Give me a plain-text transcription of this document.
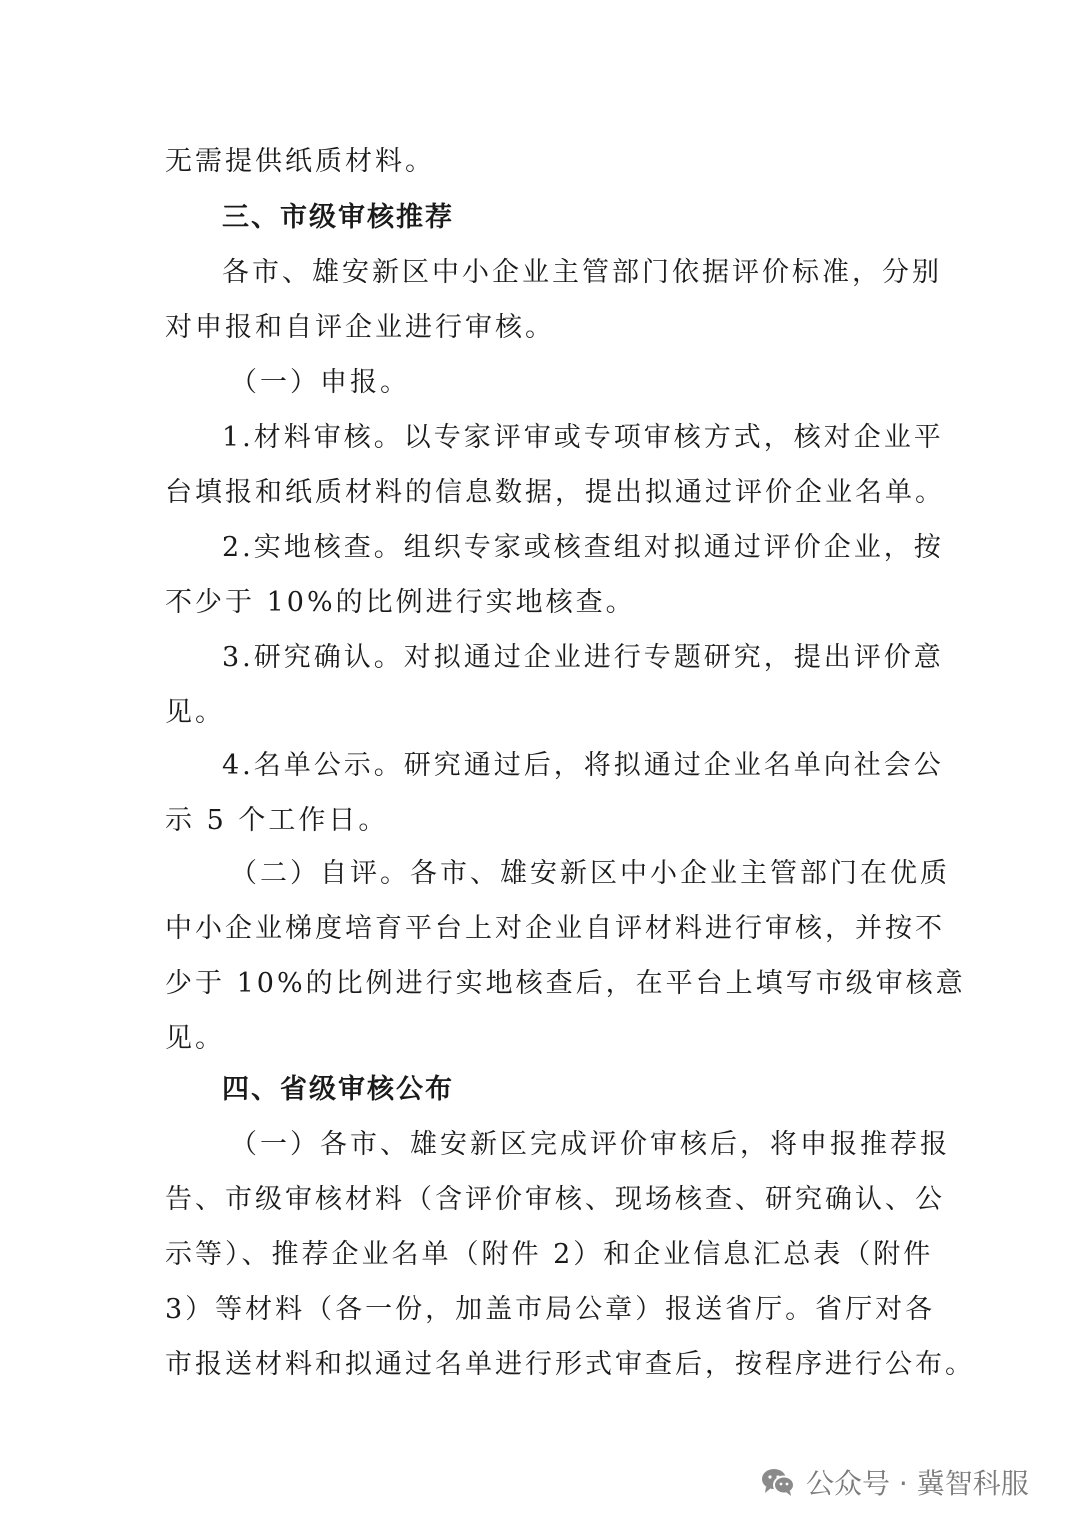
无需提供纸质材料。
三、市级审核推荐
各市、雄安新区中小企业主管部门依据评价标准，分别
对申报和自评企业进行审核。
（一）申报。
1.材料审核。以专家评审或专项审核方式，核对企业平
台填报和纸质材料的信息数据，提出拟通过评价企业名单。
2.实地核查。组织专家或核查组对拟通过评价企业，按
不少于 10%的比例进行实地核查。
3.研究确认。对拟通过企业进行专题研究，提出评价意
见。
4.名单公示。研究通过后，将拟通过企业名单向社会公
示 5 个工作日。
（二）自评。各市、雄安新区中小企业主管部门在优质
中小企业梯度培育平台上对企业自评材料进行审核，并按不
少于 10%的比例进行实地核查后，在平台上填写市级审核意
见。
四、省级审核公布
（一）各市、雄安新区完成评价审核后，将申报推荐报
告、市级审核材料（含评价审核、现场核查、研究确认、公
示等）、推荐企业名单（附件 2）和企业信息汇总表（附件
3）等材料（各一份，加盖市局公章）报送省厅。省厅对各
市报送材料和拟通过名单进行形式审查后，按程序进行公布。
公众号 · 冀智科服
